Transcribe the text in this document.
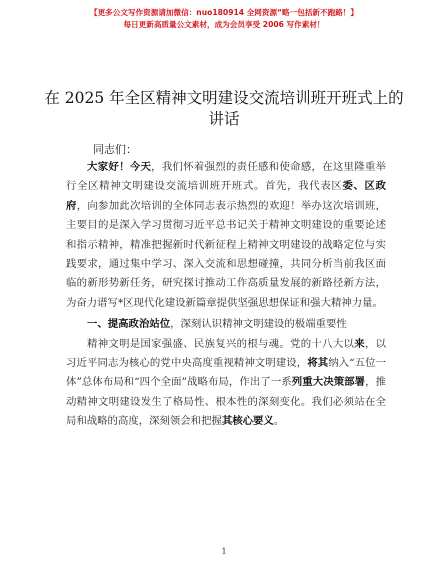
【更多公文写作资源请加微信：nuo180914 全网资源“略一包括新不跑路！】
每日更新高质量公文素材，成为会员享受 2006 写作素材！
在 2025 年全区精神文明建设交流培训班开班式上的讲话
同志们：

大家好！今天，我们怀着强烈的责任感和使命感，在这里隆重举行全区精神文明建设交流培训班开班式。首先，我代表区委、区政府，向参加此次培训的全体同志表示热烈的欢迎！举办这次培训班，主要目的是深入学习贯彻习近平总书记关于精神文明建设的重要论述和指示精神，精准把握新时代新征程上精神文明建设的战略定位与实践要求，通过集中学习、深入交流和思想碰撞，共同分析当前我区面临的新形势新任务，研究探讨推动工作高质量发展的新路径新方法，为奋力谱写*区现代化建设新篇章提供坚强思想保证和强大精神力量。

一、提高政治站位，深刻认识精神文明建设的极端重要性

精神文明是国家强盛、民族复兴的根与魂。党的十八大以来，以习近平同志为核心的党中央高度重视精神文明建设，将其纳入“五位一体”总体布局和“四个全面”战略布局，作出了一系列重大决策部署，推动精神文明建设发生了格局性、根本性的深刻变化。我们必须站在全局和战略的高度，深刻领会和把握其核心要义。

1
